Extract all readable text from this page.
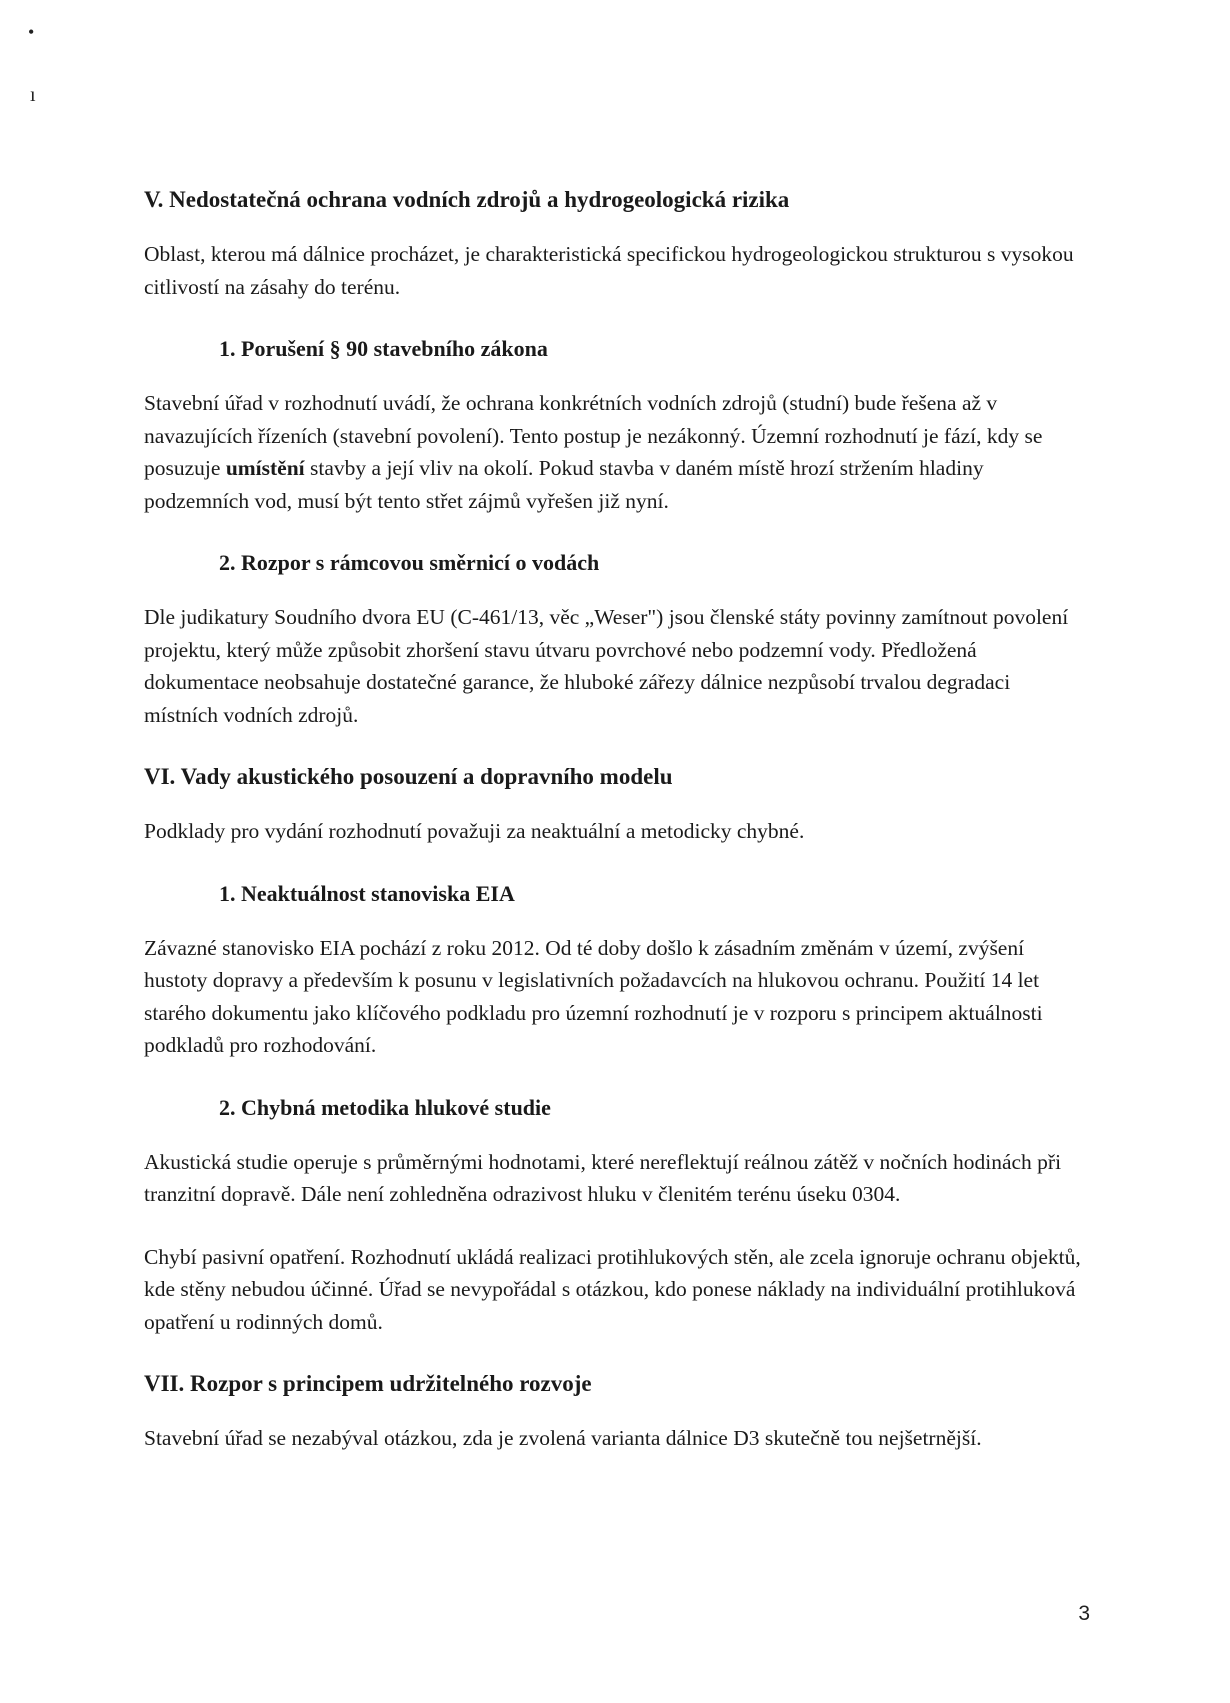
•
ı

V. Nedostatečná ochrana vodních zdrojů a hydrogeologická rizika

Oblast, kterou má dálnice procházet, je charakteristická specifickou hydrogeologickou strukturou s vysokou citlivostí na zásahy do terénu.

1. Porušení § 90 stavebního zákona

Stavební úřad v rozhodnutí uvádí, že ochrana konkrétních vodních zdrojů (studní) bude řešena až v navazujících řízeních (stavební povolení). Tento postup je nezákonný. Územní rozhodnutí je fází, kdy se posuzuje umístění stavby a její vliv na okolí. Pokud stavba v daném místě hrozí stržením hladiny podzemních vod, musí být tento střet zájmů vyřešen již nyní.

2. Rozpor s rámcovou směrnicí o vodách

Dle judikatury Soudního dvora EU (C-461/13, věc „Weser") jsou členské státy povinny zamítnout povolení projektu, který může způsobit zhoršení stavu útvaru povrchové nebo podzemní vody. Předložená dokumentace neobsahuje dostatečné garance, že hluboké zářezy dálnice nezpůsobí trvalou degradaci místních vodních zdrojů.

VI. Vady akustického posouzení a dopravního modelu

Podklady pro vydání rozhodnutí považuji za neaktuální a metodicky chybné.

1. Neaktuálnost stanoviska EIA

Závazné stanovisko EIA pochází z roku 2012. Od té doby došlo k zásadním změnám v území, zvýšení hustoty dopravy a především k posunu v legislativních požadavcích na hlukovou ochranu. Použití 14 let starého dokumentu jako klíčového podkladu pro územní rozhodnutí je v rozporu s principem aktuálnosti podkladů pro rozhodování.

2. Chybná metodika hlukové studie

Akustická studie operuje s průměrnými hodnotami, které nereflektují reálnou zátěž v nočních hodinách při tranzitní dopravě. Dále není zohledněna odrazivost hluku v členitém terénu úseku 0304.

Chybí pasivní opatření. Rozhodnutí ukládá realizaci protihlukových stěn, ale zcela ignoruje ochranu objektů, kde stěny nebudou účinné. Úřad se nevypořádal s otázkou, kdo ponese náklady na individuální protihluková opatření u rodinných domů.

VII. Rozpor s principem udržitelného rozvoje

Stavební úřad se nezabýval otázkou, zda je zvolená varianta dálnice D3 skutečně tou nejšetrnější.

3
